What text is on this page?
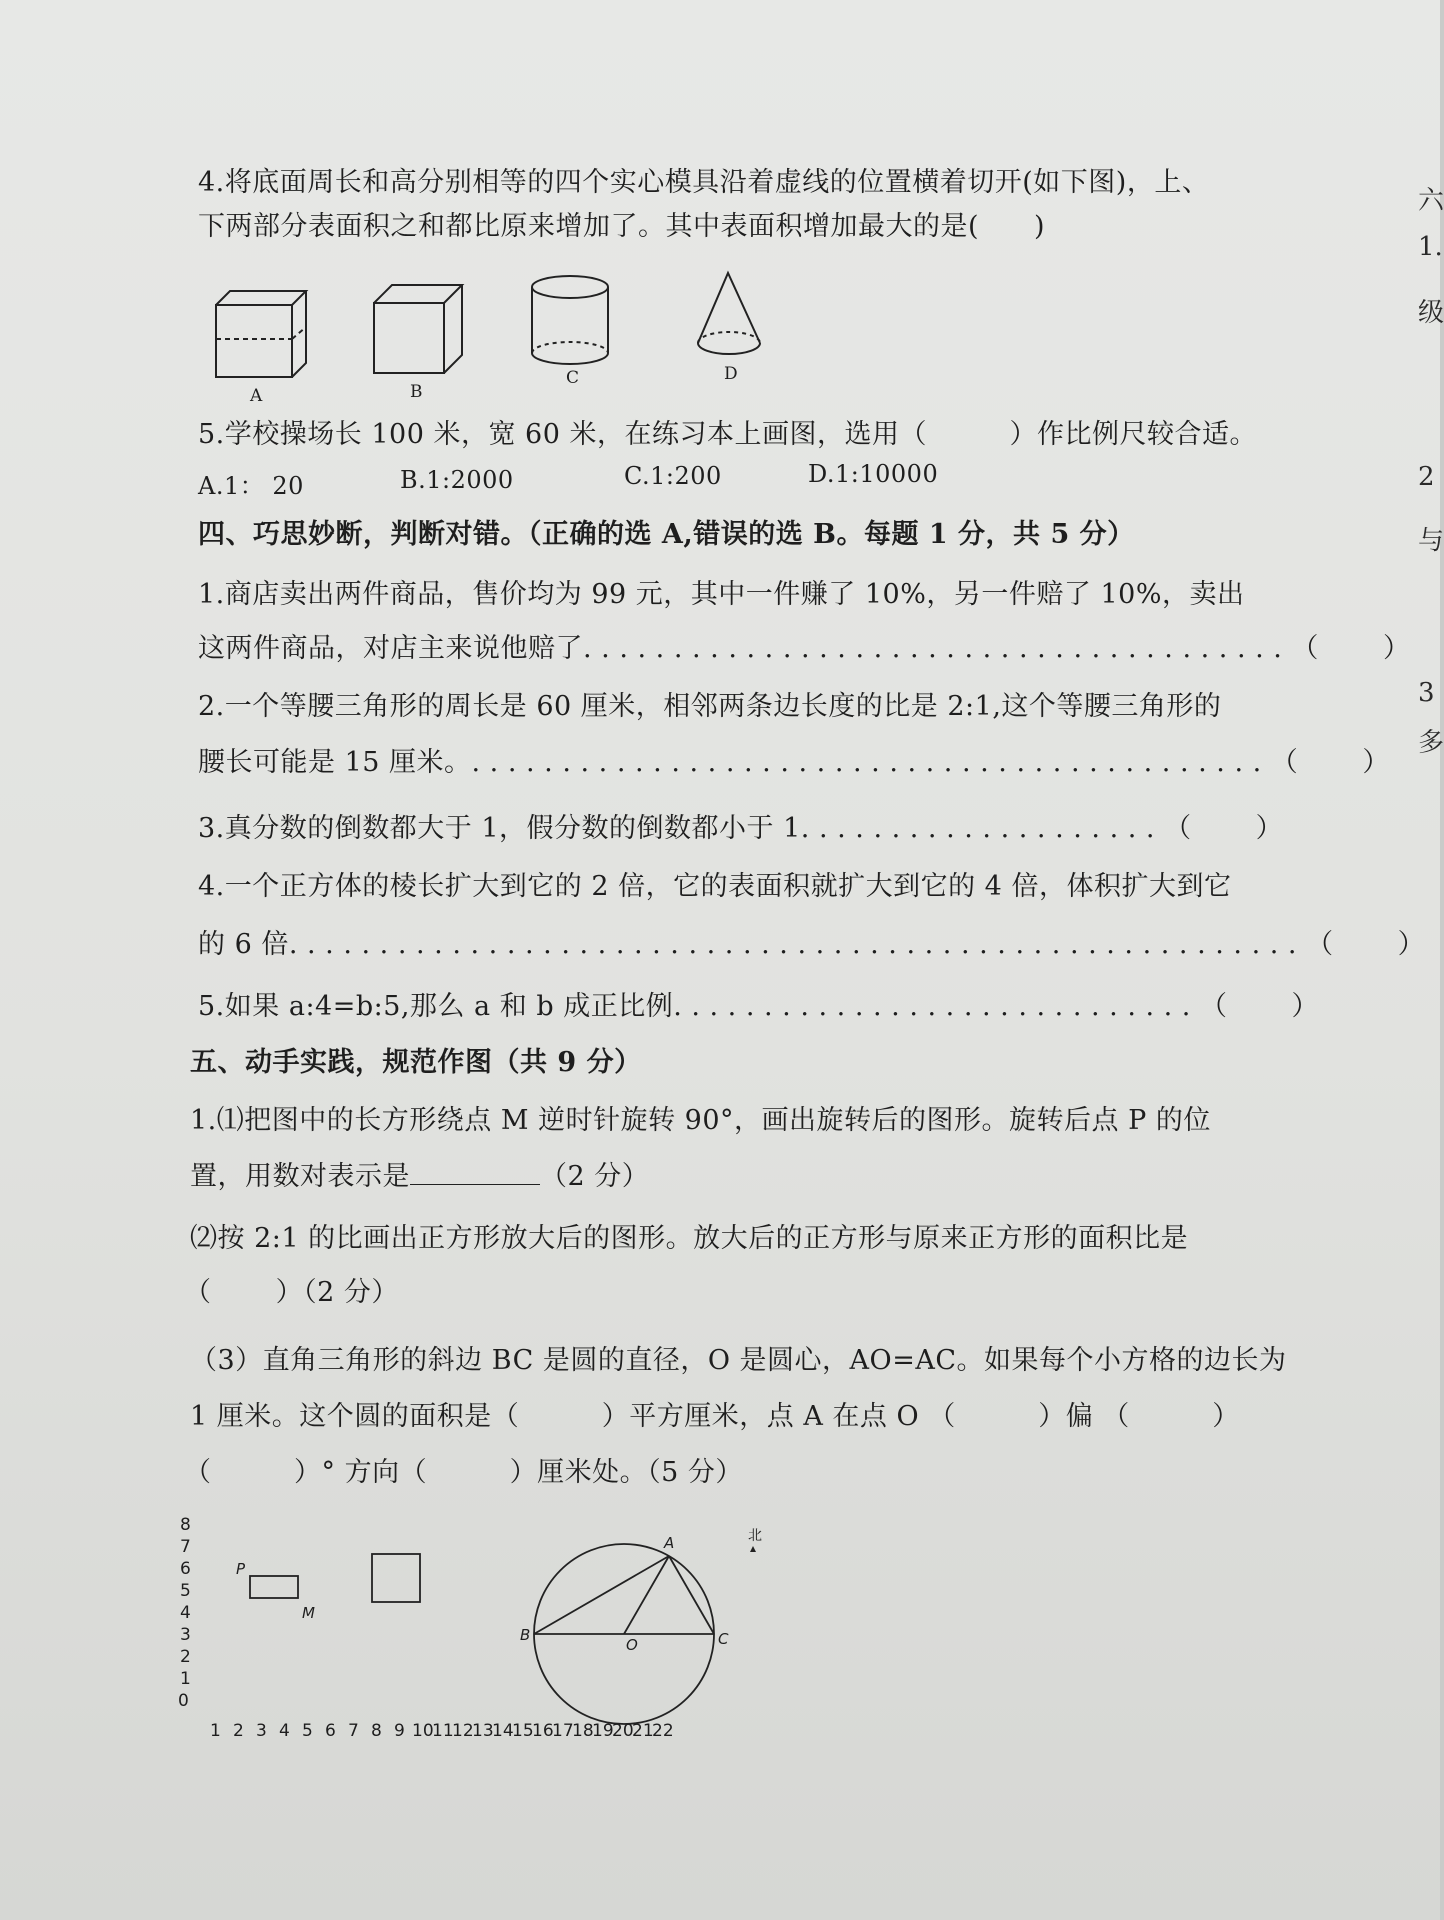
六
1.
级
2
与
3
多
4.将底面周长和高分别相等的四个实心模具沿着虚线的位置横着切开(如下图)，上、
下两部分表面积之和都比原来增加了。其中表面积增加最大的是(　　)
A	B
C	D
5.学校操场长 100 米，宽 60 米，在练习本上画图，选用（　　　）作比例尺较合适。
A.1： 20	B.1:2000	C.1:200	D.1:10000
四、巧思妙断，判断对错。（正确的选 A,错误的选 B。每题 1 分，共 5 分）
1.商店卖出两件商品，售价均为 99 元，其中一件赚了 10%，另一件赔了 10%，卖出
这两件商品，对店主来说他赔了. . . . . . . . . . . . . . . . . . . . . . . . . . . . . . . . . . . . . . . （　　 ）
2.一个等腰三角形的周长是 60 厘米，相邻两条边长度的比是 2:1,这个等腰三角形的
腰长可能是 15 厘米。. . . . . . . . . . . . . . . . . . . . . . . . . . . . . . . . . . . . . . . . . . . . （　　 ）
3.真分数的倒数都大于 1，假分数的倒数都小于 1. . . . . . . . . . . . . . . . . . . . （　　 ）
4.一个正方体的棱长扩大到它的 2 倍，它的表面积就扩大到它的 4 倍，体积扩大到它
的 6 倍. . . . . . . . . . . . . . . . . . . . . . . . . . . . . . . . . . . . . . . . . . . . . . . . . . . . . . . . （　　 ）
5.如果 a:4=b:5,那么 a 和 b 成正比例. . . . . . . . . . . . . . . . . . . . . . . . . . . . . （　　 ）
五、动手实践，规范作图（共 9 分）
1.⑴把图中的长方形绕点 M 逆时针旋转 90°，画出旋转后的图形。旋转后点 P 的位
置，用数对表示是	（2 分）
⑵按 2:1 的比画出正方形放大后的图形。放大后的正方形与原来正方形的面积比是
（　　 ）（2 分）
（3）直角三角形的斜边 BC 是圆的直径，O 是圆心，AO=AC。如果每个小方格的边长为
1 厘米。这个圆的面积是（　　　）平方厘米，点 A 在点 O （　　　）偏 （　　　）
（　　　）° 方向（　　　）厘米处。（5 分）
8
7
6
5
4
3
2
1
0
1 2 3 4 5 6 7 8 9 10
11
12
13
14
15
16
17
18
19
20
21
22
P
M
A
B	C
O
北
